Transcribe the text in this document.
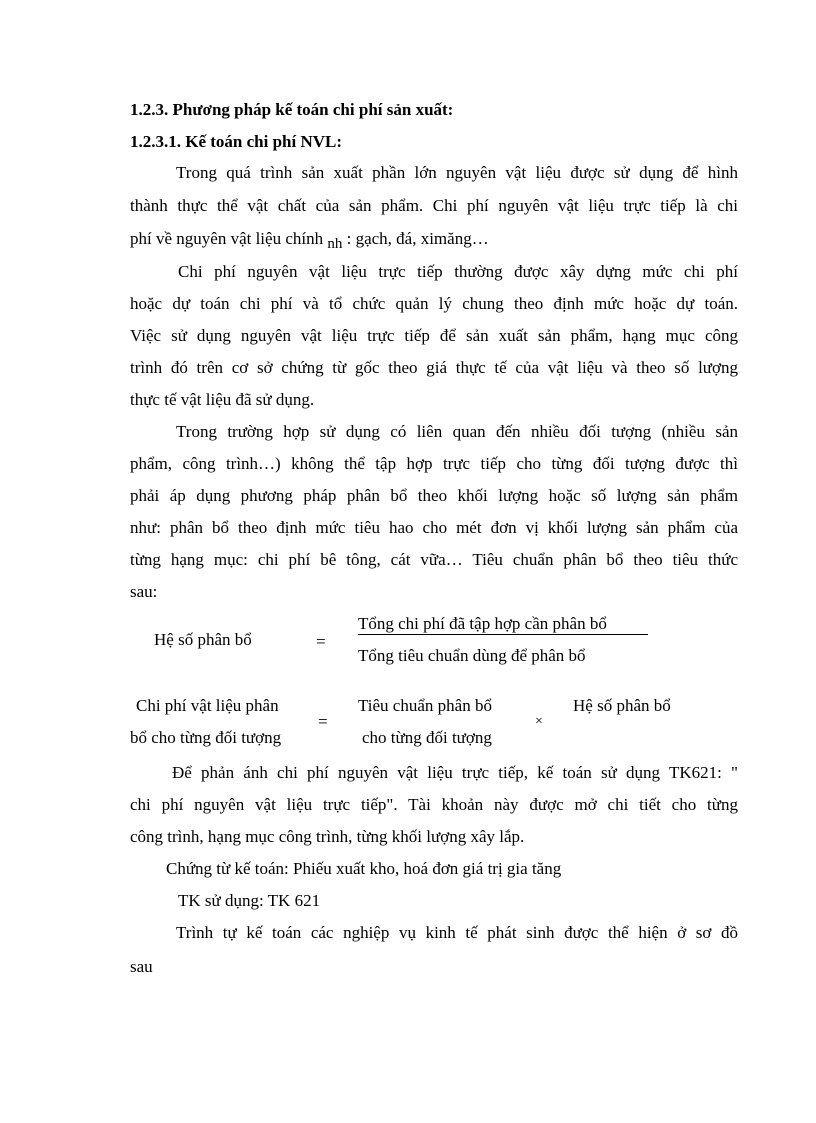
1.2.3. Phương pháp kế toán chi phí sản xuất:
1.2.3.1. Kế toán chi phí NVL:
Trong quá trình sản xuất phần lớn nguyên vật liệu được sử dụng để hình
thành thực thể vật chất của sản phẩm. Chi phí nguyên vật liệu trực tiếp là chi
phí về nguyên vật liệu chính nh : gạch, đá, ximăng…
Chi phí nguyên vật liệu trực tiếp thường được xây dựng mức chi phí
hoặc dự toán chi phí và tổ chức quản lý chung theo định mức hoặc dự toán.
Việc sử dụng nguyên vật liệu trực tiếp để sản xuất sản phẩm, hạng mục công
trình đó trên cơ sở chứng từ gốc theo giá thực tế của vật liệu và theo số lượng
thực tế vật liệu đã sử dụng.
Trong trường hợp sử dụng có liên quan đến nhiều đối tượng (nhiều sản
phẩm, công trình…) không thể tập hợp trực tiếp cho từng đối tượng được thì
phải áp dụng phương pháp phân bổ theo khối lượng hoặc số lượng sản phẩm
như: phân bổ theo định mức tiêu hao cho mét đơn vị khối lượng sản phẩm của
từng hạng mục: chi phí bê tông, cát vữa… Tiêu chuẩn phân bổ theo tiêu thức
sau:
Hệ số phân bổ	=
Tổng chi phí đã tập hợp cần phân bổ
Tổng tiêu chuẩn dùng để phân bổ
Chi phí vật liệu phân
bổ cho từng đối tượng
=
Tiêu chuẩn phân bổ
cho từng đối tượng
×
Hệ số phân bổ
Để phản ánh chi phí nguyên vật liệu trực tiếp, kế toán sử dụng TK621: "
chi phí nguyên vật liệu trực tiếp". Tài khoản này được mở chi tiết cho từng
công trình, hạng mục công trình, từng khối lượng xây lắp.
Chứng từ kế toán: Phiếu xuất kho, hoá đơn giá trị gia tăng
TK sử dụng: TK 621
Trình tự kế toán các nghiệp vụ kinh tế phát sinh được thể hiện ở sơ đồ
sau
